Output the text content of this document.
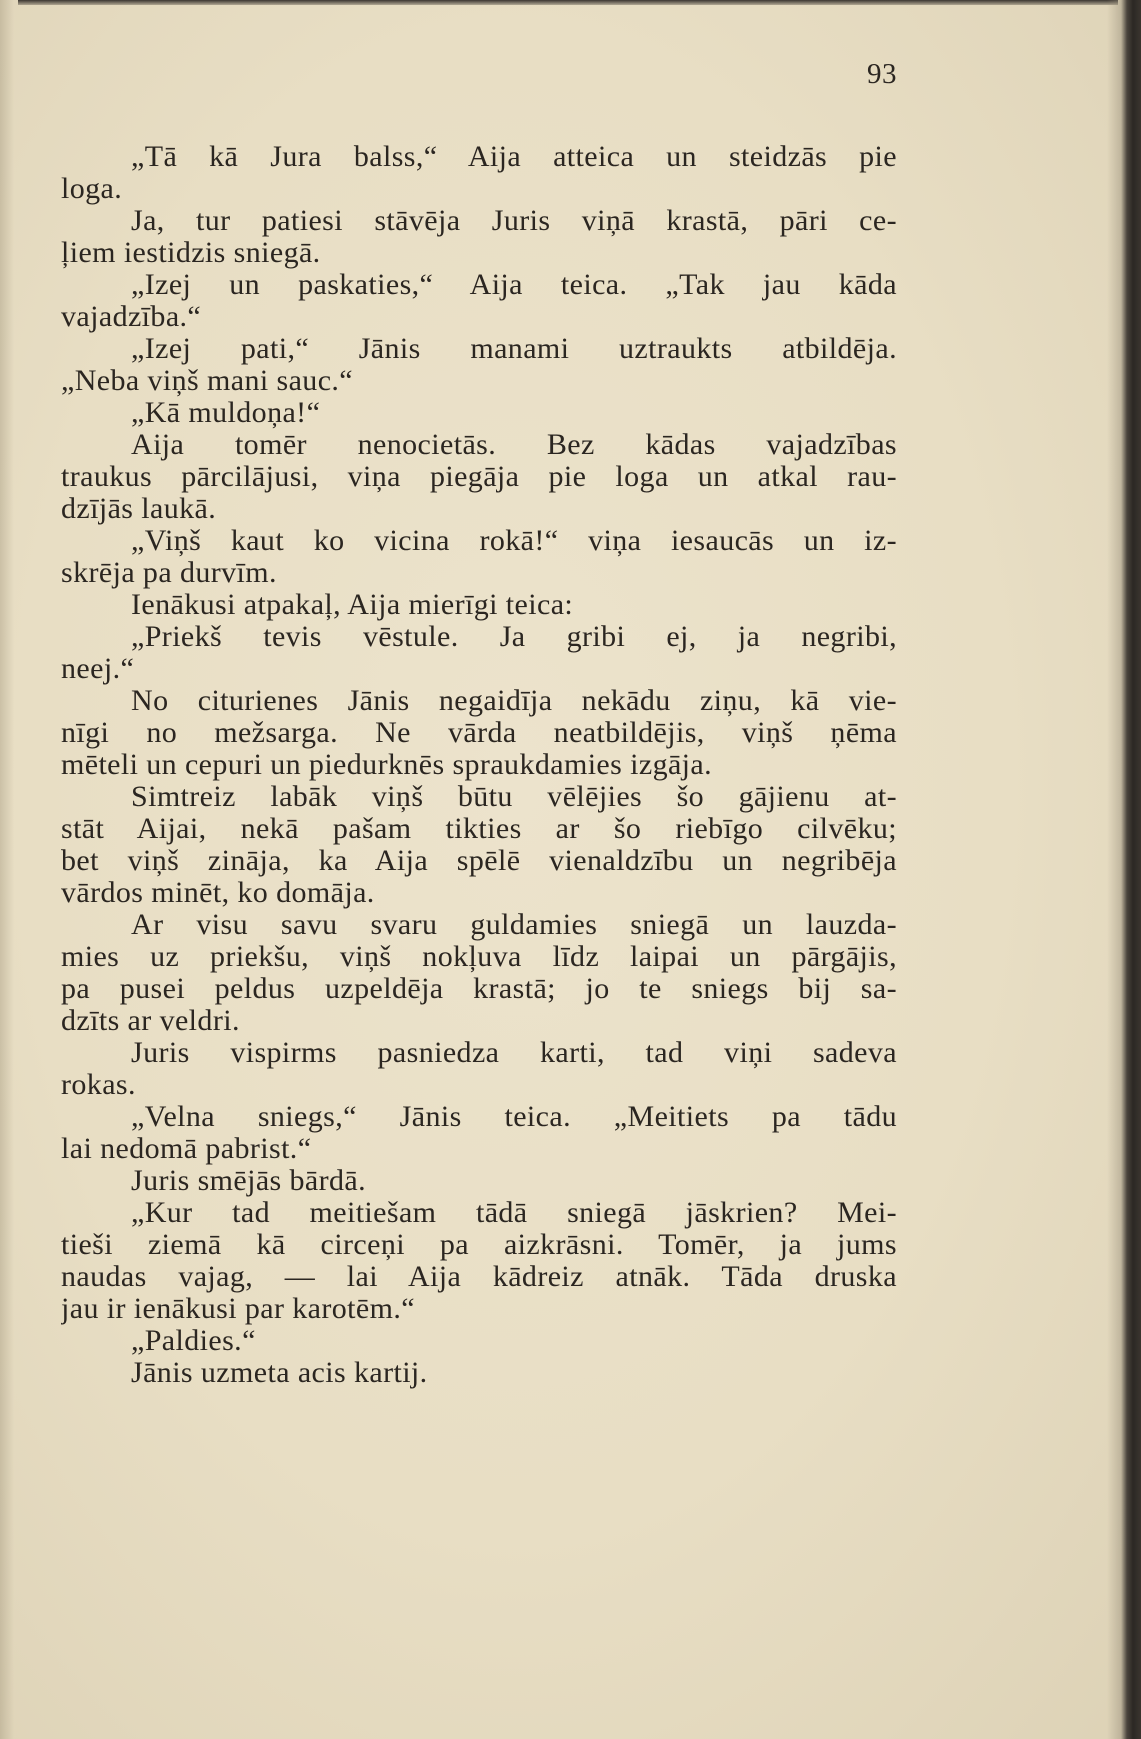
93
„Tā kā Jura balss,“ Aija atteica un steidzās pie
loga.
Ja, tur patiesi stāvēja Juris viņā krastā, pāri ce-
ļiem iestidzis sniegā.
„Izej un paskaties,“ Aija teica. „Tak jau kāda
vajadzība.“
„Izej pati,“ Jānis manami uztraukts atbildēja.
„Neba viņš mani sauc.“
„Kā muldoņa!“
Aija tomēr nenocietās. Bez kādas vajadzības
traukus pārcilājusi, viņa piegāja pie loga un atkal rau-
dzījās laukā.
„Viņš kaut ko vicina rokā!“ viņa iesaucās un iz-
skrēja pa durvīm.
Ienākusi atpakaļ, Aija mierīgi teica:
„Priekš tevis vēstule. Ja gribi ej, ja negribi,
neej.“
No citurienes Jānis negaidīja nekādu ziņu, kā vie-
nīgi no mežsarga. Ne vārda neatbildējis, viņš ņēma
mēteli un cepuri un piedurknēs spraukdamies izgāja.
Simtreiz labāk viņš būtu vēlējies šo gājienu at-
stāt Aijai, nekā pašam tikties ar šo riebīgo cilvēku;
bet viņš zināja, ka Aija spēlē vienaldzību un negribēja
vārdos minēt, ko domāja.
Ar visu savu svaru guldamies sniegā un lauzda-
mies uz priekšu, viņš nokļuva līdz laipai un pārgājis,
pa pusei peldus uzpeldēja krastā; jo te sniegs bij sa-
dzīts ar veldri.
Juris vispirms pasniedza karti, tad viņi sadeva
rokas.
„Velna sniegs,“ Jānis teica. „Meitiets pa tādu
lai nedomā pabrist.“
Juris smējās bārdā.
„Kur tad meitiešam tādā sniegā jāskrien? Mei-
tieši ziemā kā circeņi pa aizkrāsni. Tomēr, ja jums
naudas vajag, — lai Aija kādreiz atnāk. Tāda druska
jau ir ienākusi par karotēm.“
„Paldies.“
Jānis uzmeta acis kartij.
